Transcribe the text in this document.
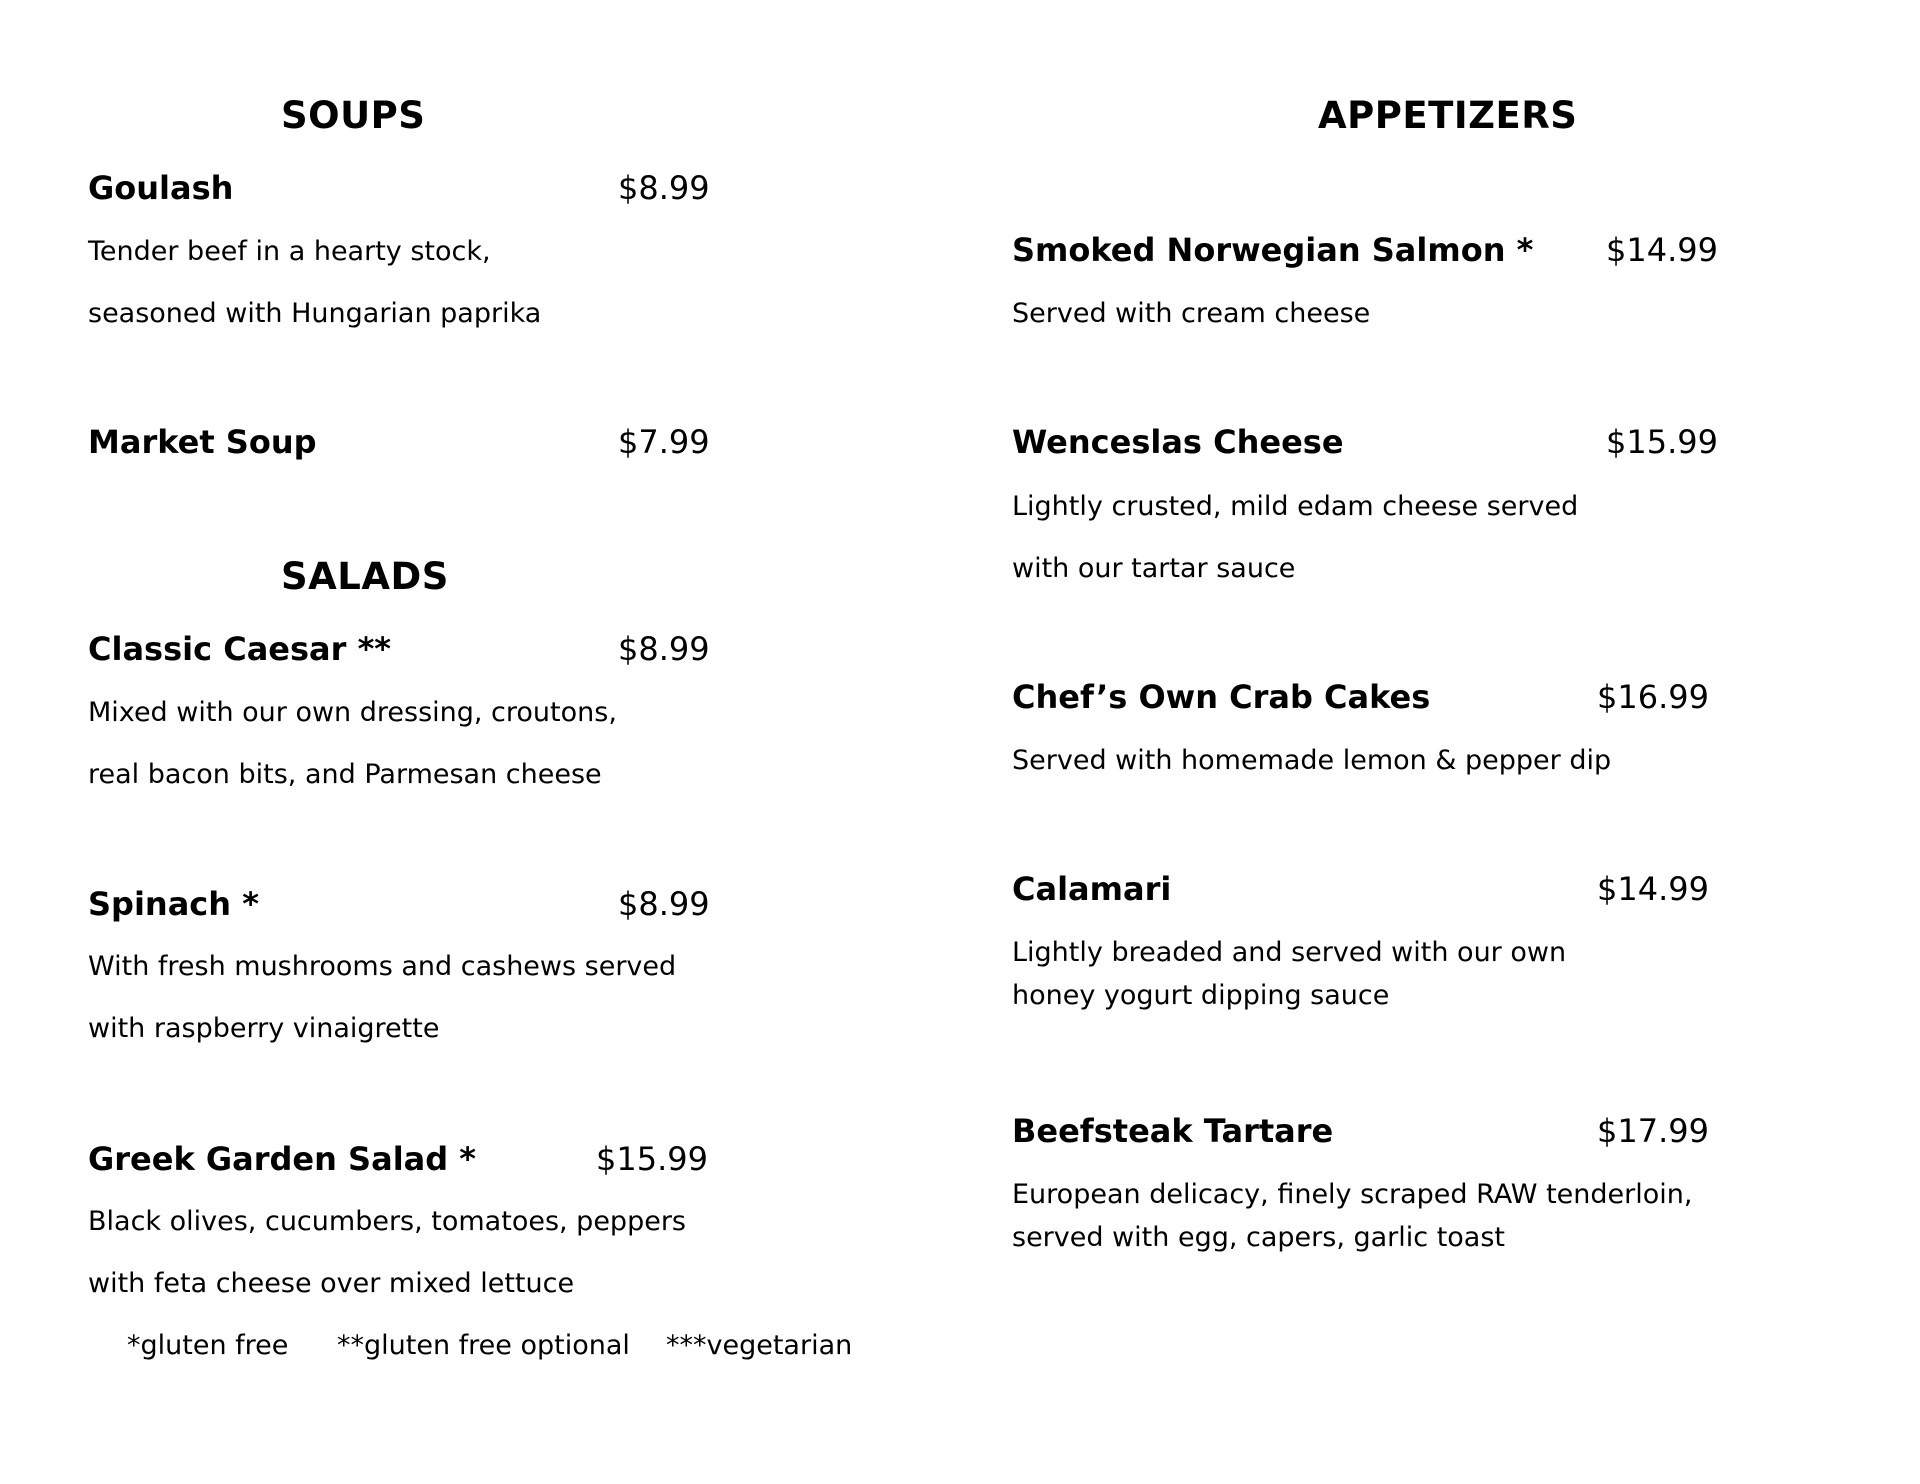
SOUPS
Goulash	$8.99
Tender beef in a hearty stock,
seasoned with Hungarian paprika
Market Soup	$7.99
SALADS
Classic Caesar **	$8.99
Mixed with our own dressing, croutons,
real bacon bits, and Parmesan cheese
Spinach *	$8.99
With fresh mushrooms and cashews served
with raspberry vinaigrette
Greek Garden Salad *	$15.99
Black olives, cucumbers, tomatoes, peppers
with feta cheese over mixed lettuce
*gluten free **gluten free optional ***vegetarian
APPETIZERS
Smoked Norwegian Salmon * $14.99
Served with cream cheese
Wenceslas Cheese	$15.99
Lightly crusted, mild edam cheese served
with our tartar sauce
Chef’s Own Crab Cakes	$16.99
Served with homemade lemon & pepper dip
Calamari	$14.99
Lightly breaded and served with our own
honey yogurt dipping sauce
Beefsteak Tartare	$17.99
European delicacy, finely scraped RAW tenderloin,
served with egg, capers, garlic toast
